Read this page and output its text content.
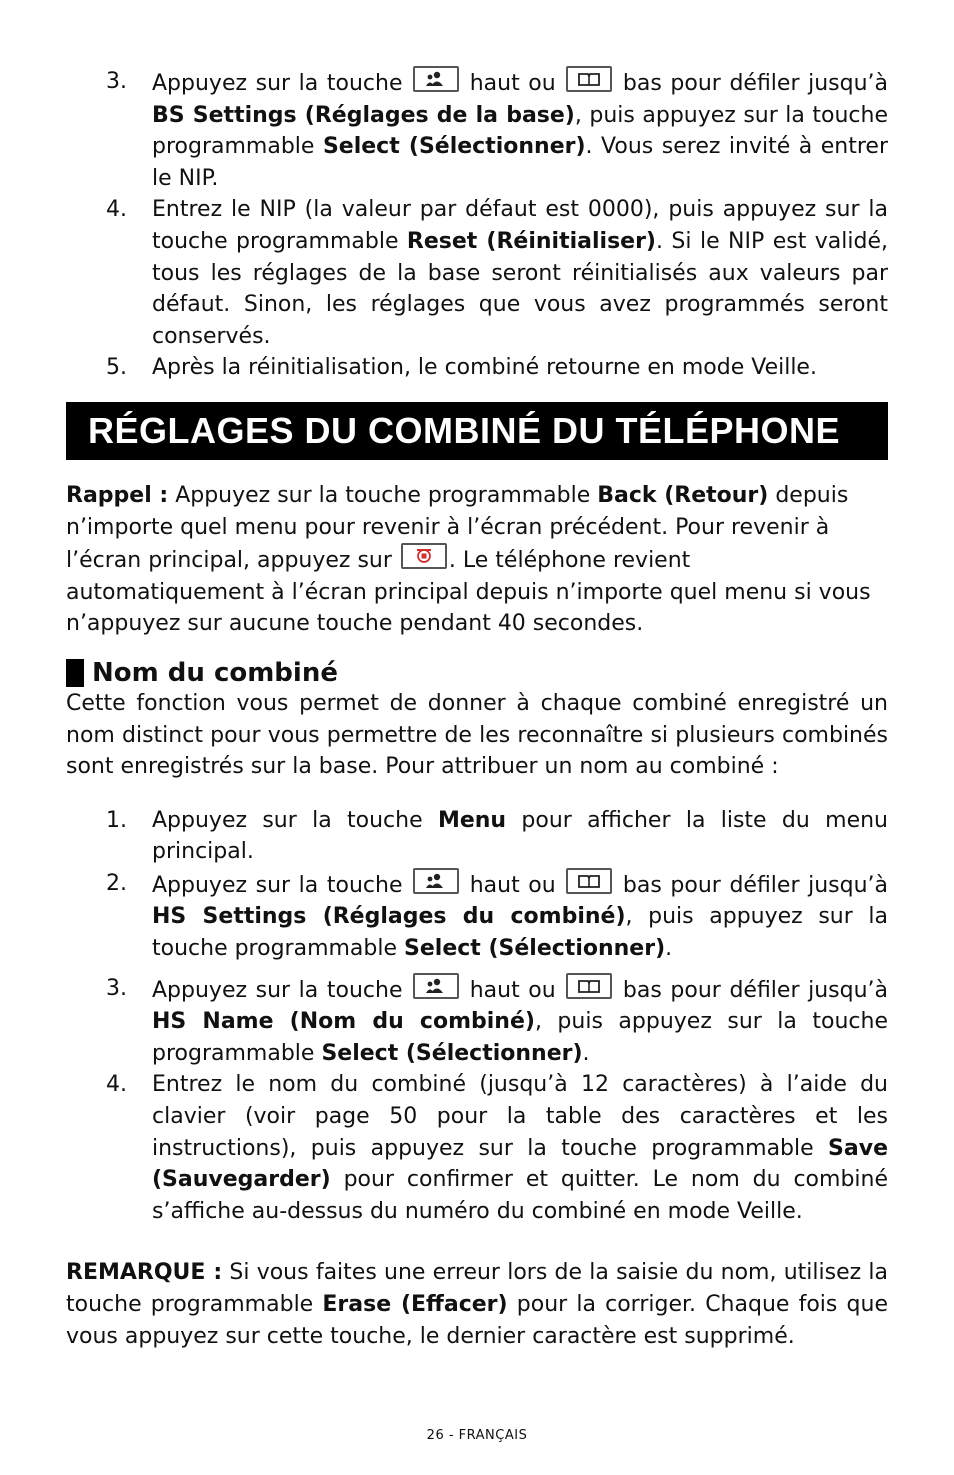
3. Appuyez sur la touche	haut ou	bas pour défiler jusqu’à BS Settings (Réglages de la base), puis appuyez sur la touche programmable Select (Sélectionner). Vous serez invité à entrer le NIP.
4. Entrez le NIP (la valeur par défaut est 0000), puis appuyez sur la touche programmable Reset (Réinitialiser). Si le NIP est validé, tous les réglages de la base seront réinitialisés aux valeurs par défaut. Sinon, les réglages que vous avez programmés seront conservés.
5. Après la réinitialisation, le combiné retourne en mode Veille.
RÉGLAGES DU COMBINÉ DU TÉLÉPHONE

Rappel : Appuyez sur la touche programmable Back (Retour) depuis n’importe quel menu pour revenir à l’écran précédent. Pour revenir à l’écran principal, appuyez sur
. Le téléphone revient automatiquement à l’écran principal depuis n’importe quel menu si vous n’appuyez sur aucune touche pendant 40 secondes.

Nom du combiné

Cette fonction vous permet de donner à chaque combiné enregistré un nom distinct pour vous permettre de les reconnaître si plusieurs combinés sont enregistrés sur la base. Pour attribuer un nom au combiné :

1. Appuyez sur la touche Menu pour afficher la liste du menu principal.
2. Appuyez sur la touche	haut ou	bas pour défiler jusqu’à HS Settings (Réglages du combiné), puis appuyez sur la touche programmable Select (Sélectionner).
3. Appuyez sur la touche	haut ou	bas pour défiler jusqu’à HS Name (Nom du combiné), puis appuyez sur la touche programmable Select (Sélectionner).
4. Entrez le nom du combiné (jusqu’à 12 caractères) à l’aide du clavier (voir page 50 pour la table des caractères et les instructions), puis appuyez sur la touche programmable Save (Sauvegarder) pour confirmer et quitter. Le nom du combiné s’affiche au-dessus du numéro du combiné en mode Veille.

REMARQUE : Si vous faites une erreur lors de la saisie du nom, utilisez la touche programmable Erase (Effacer) pour la corriger. Chaque fois que vous appuyez sur cette touche, le dernier caractère est supprimé.

26 - FRANÇAIS
